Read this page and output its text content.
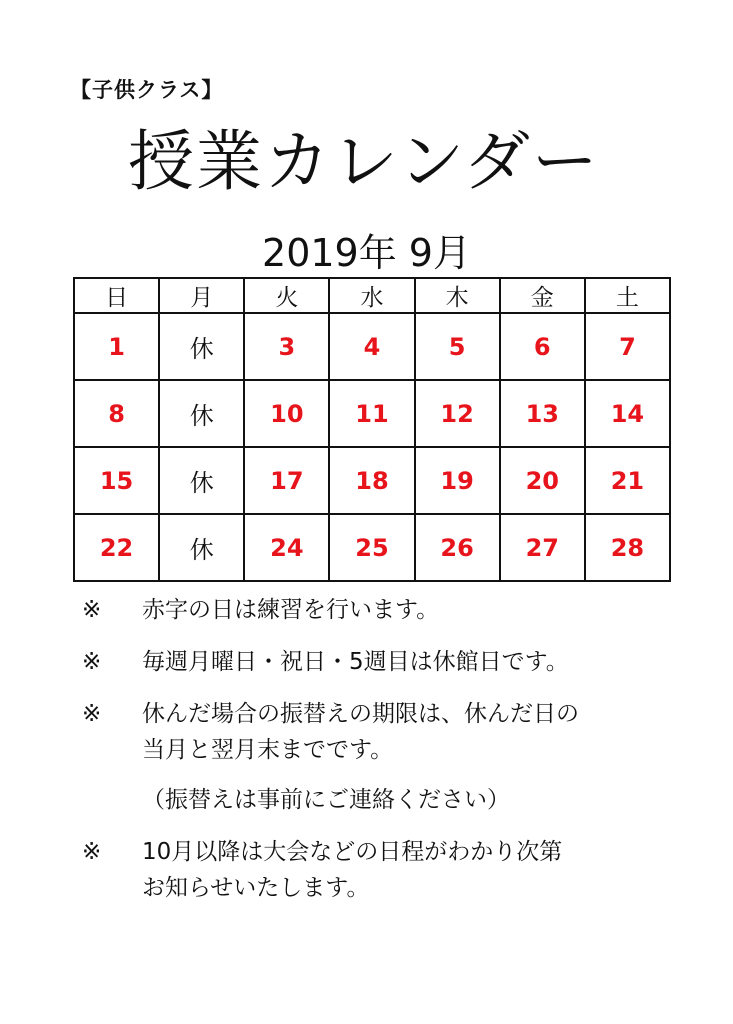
【子供クラス】
授業カレンダー
2019年 9月
日	月	火	水	木	金	土
1	休	3	4	5	6	7
8	休	10	11	12	13	14
15	休	17	18	19	20	21
22	休	24	25	26	27	28
※	赤字の日は練習を行います。

※	毎週月曜日・祝日・5週目は休館日です。

※	休んだ場合の振替えの期限は、休んだ日の

当月と翌月末までです。

（振替えは事前にご連絡ください）

※	10月以降は大会などの日程がわかり次第

お知らせいたします。
